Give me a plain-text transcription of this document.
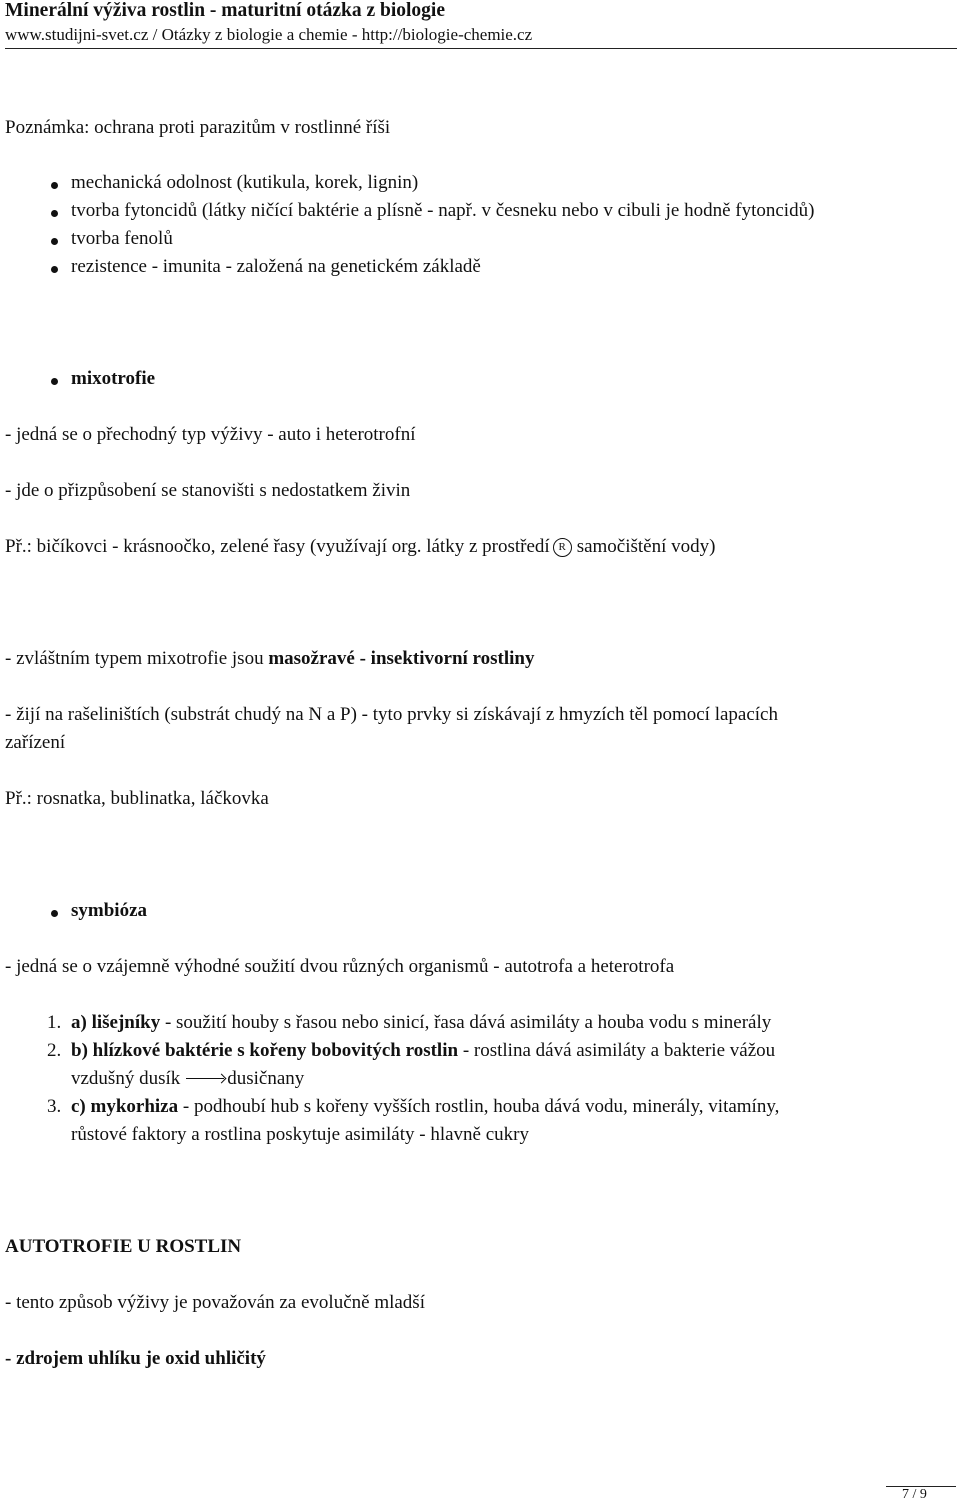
Minerální výživa rostlin - maturitní otázka z biologie
www.studijni-svet.cz / Otázky z biologie a chemie - http://biologie-chemie.cz
Poznámka: ochrana proti parazitům v rostlinné říši
mechanická odolnost (kutikula, korek, lignin)
tvorba fytoncidů (látky ničící baktérie a plísně - např. v česneku nebo v cibuli je hodně fytoncidů)
tvorba fenolů
rezistence - imunita - založená na genetickém základě
mixotrofie
- jedná se o přechodný typ výživy - auto i heterotrofní
- jde o přizpůsobení se stanovišti s nedostatkem živin
Př.: bičíkovci - krásnoočko, zelené řasy (využívají org. látky z prostředí R samočištění vody)
- zvláštním typem mixotrofie jsou masožravé - insektivorní rostliny
- žijí na rašeliništích (substrát chudý na N a P) - tyto prvky si získávají z hmyzích těl pomocí lapacích
zařízení
Př.: rosnatka, bublinatka, láčkovka
symbióza
- jedná se o vzájemně výhodné soužití dvou různých organismů - autotrofa a heterotrofa
1. a) lišejníky - soužití houby s řasou nebo sinicí, řasa dává asimiláty a houba vodu s minerály
2. b) hlízkové baktérie s kořeny bobovitých rostlin - rostlina dává asimiláty a bakterie vážou
vzdušný dusík dusičnany
3. c) mykorhiza - podhoubí hub s kořeny vyšších rostlin, houba dává vodu, minerály, vitamíny,
růstové faktory a rostlina poskytuje asimiláty - hlavně cukry
AUTOTROFIE U ROSTLIN
- tento způsob výživy je považován za evolučně mladší
- zdrojem uhlíku je oxid uhličitý
7 / 9
